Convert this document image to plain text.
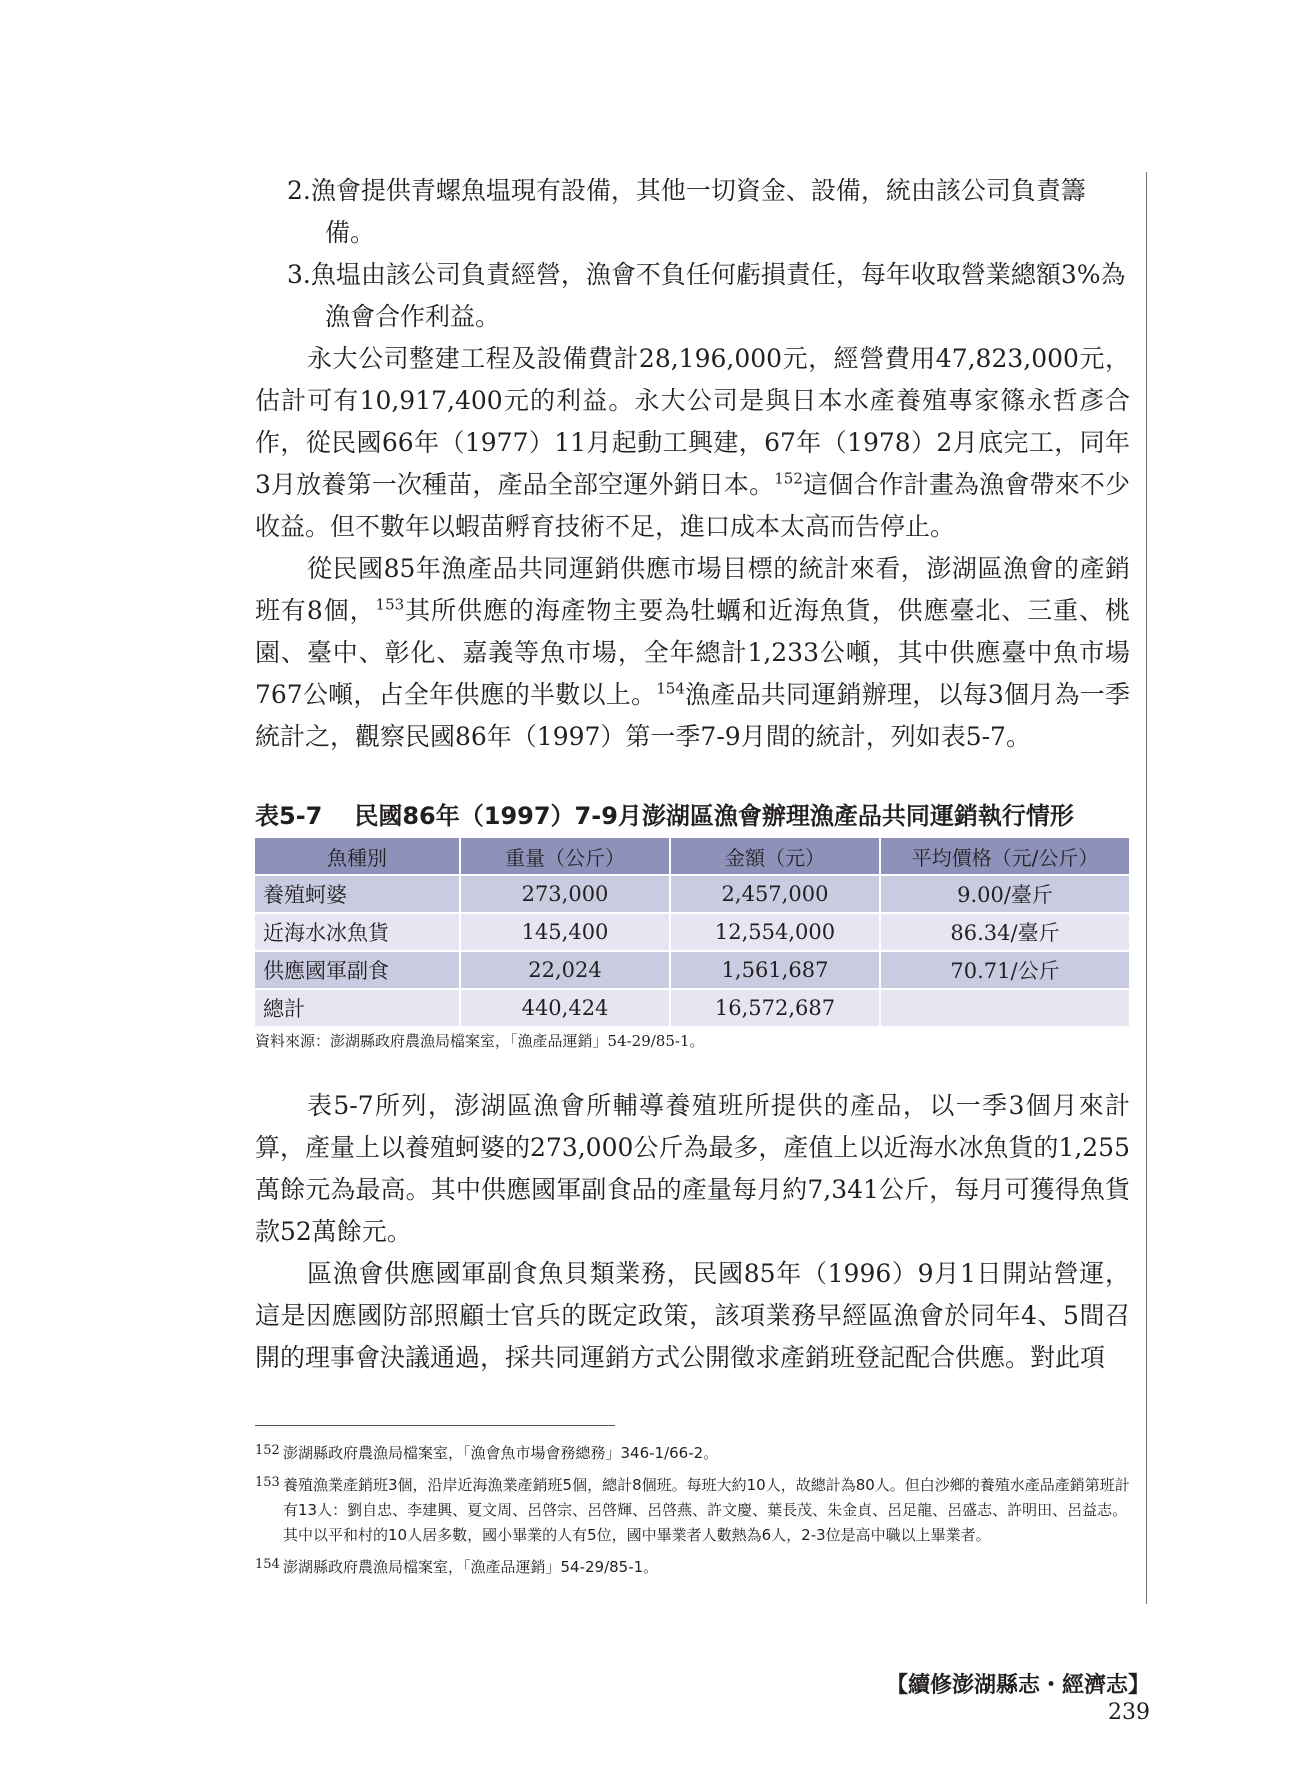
2.漁會提供青螺魚塭現有設備，其他一切資金、設備，統由該公司負責籌備。

3.魚塭由該公司負責經營，漁會不負任何虧損責任，每年收取營業總額3%為漁會合作利益。

永大公司整建工程及設備費計28,196,000元，經營費用47,823,000元，估計可有10,917,400元的利益。永大公司是與日本水產養殖專家篠永哲彥合作，從民國66年（1977）11月起動工興建，67年（1978）2月底完工，同年3月放養第一次種苗，產品全部空運外銷日本。$^{152}$這個合作計畫為漁會帶來不少收益。但不數年以蝦苗孵育技術不足，進口成本太高而告停止。

從民國85年漁產品共同運銷供應市場目標的統計來看，澎湖區漁會的產銷班有8個，$^{153}$其所供應的海產物主要為牡蠣和近海魚貨，供應臺北、三重、桃園、臺中、彰化、嘉義等魚市場，全年總計1,233公噸，其中供應臺中魚市場767公噸，占全年供應的半數以上。$^{154}$漁產品共同運銷辦理，以每3個月為一季統計之，觀察民國86年（1997）第一季7-9月間的統計，列如表5-7。

表5-7 民國86年（1997）7-9月澎湖區漁會辦理漁產品共同運銷執行情形

魚種別	重量（公斤）	金額（元）	平均價格（元/公斤）
養殖蚵婆	273,000	2,457,000	9.00/臺斤
近海水冰魚貨	145,400	12,554,000	86.34/臺斤
供應國軍副食	22,024	1,561,687	70.71/公斤
總計	440,424	16,572,687	
資料來源：澎湖縣政府農漁局檔案室，「漁產品運銷」54-29/85-1。

表5-7所列，澎湖區漁會所輔導養殖班所提供的產品，以一季3個月來計算，產量上以養殖蚵婆的273,000公斤為最多，產值上以近海水冰魚貨的1,255萬餘元為最高。其中供應國軍副食品的產量每月約7,341公斤，每月可獲得魚貨款52萬餘元。

區漁會供應國軍副食魚貝類業務，民國85年（1996）9月1日開站營運，這是因應國防部照顧士官兵的既定政策，該項業務早經區漁會於同年4、5間召開的理事會決議通過，採共同運銷方式公開徵求產銷班登記配合供應。對此項

152 澎湖縣政府農漁局檔案室，「漁會魚市場會務總務」346-1/66-2。

153 養殖漁業產銷班3個，沿岸近海漁業產銷班5個，總計8個班。每班大約10人，故總計為80人。但白沙鄉的養殖水產品產銷第班計有13人：劉自忠、李建興、夏文周、呂啓宗、呂啓輝、呂啓燕、許文慶、葉長茂、朱金貞、呂足龍、呂盛志、許明田、呂益志。其中以平和村的10人居多數，國小畢業的人有5位，國中畢業者人數熱為6人，2-3位是高中職以上畢業者。

154 澎湖縣政府農漁局檔案室，「漁產品運銷」54-29/85-1。

【續修澎湖縣志・經濟志】239
